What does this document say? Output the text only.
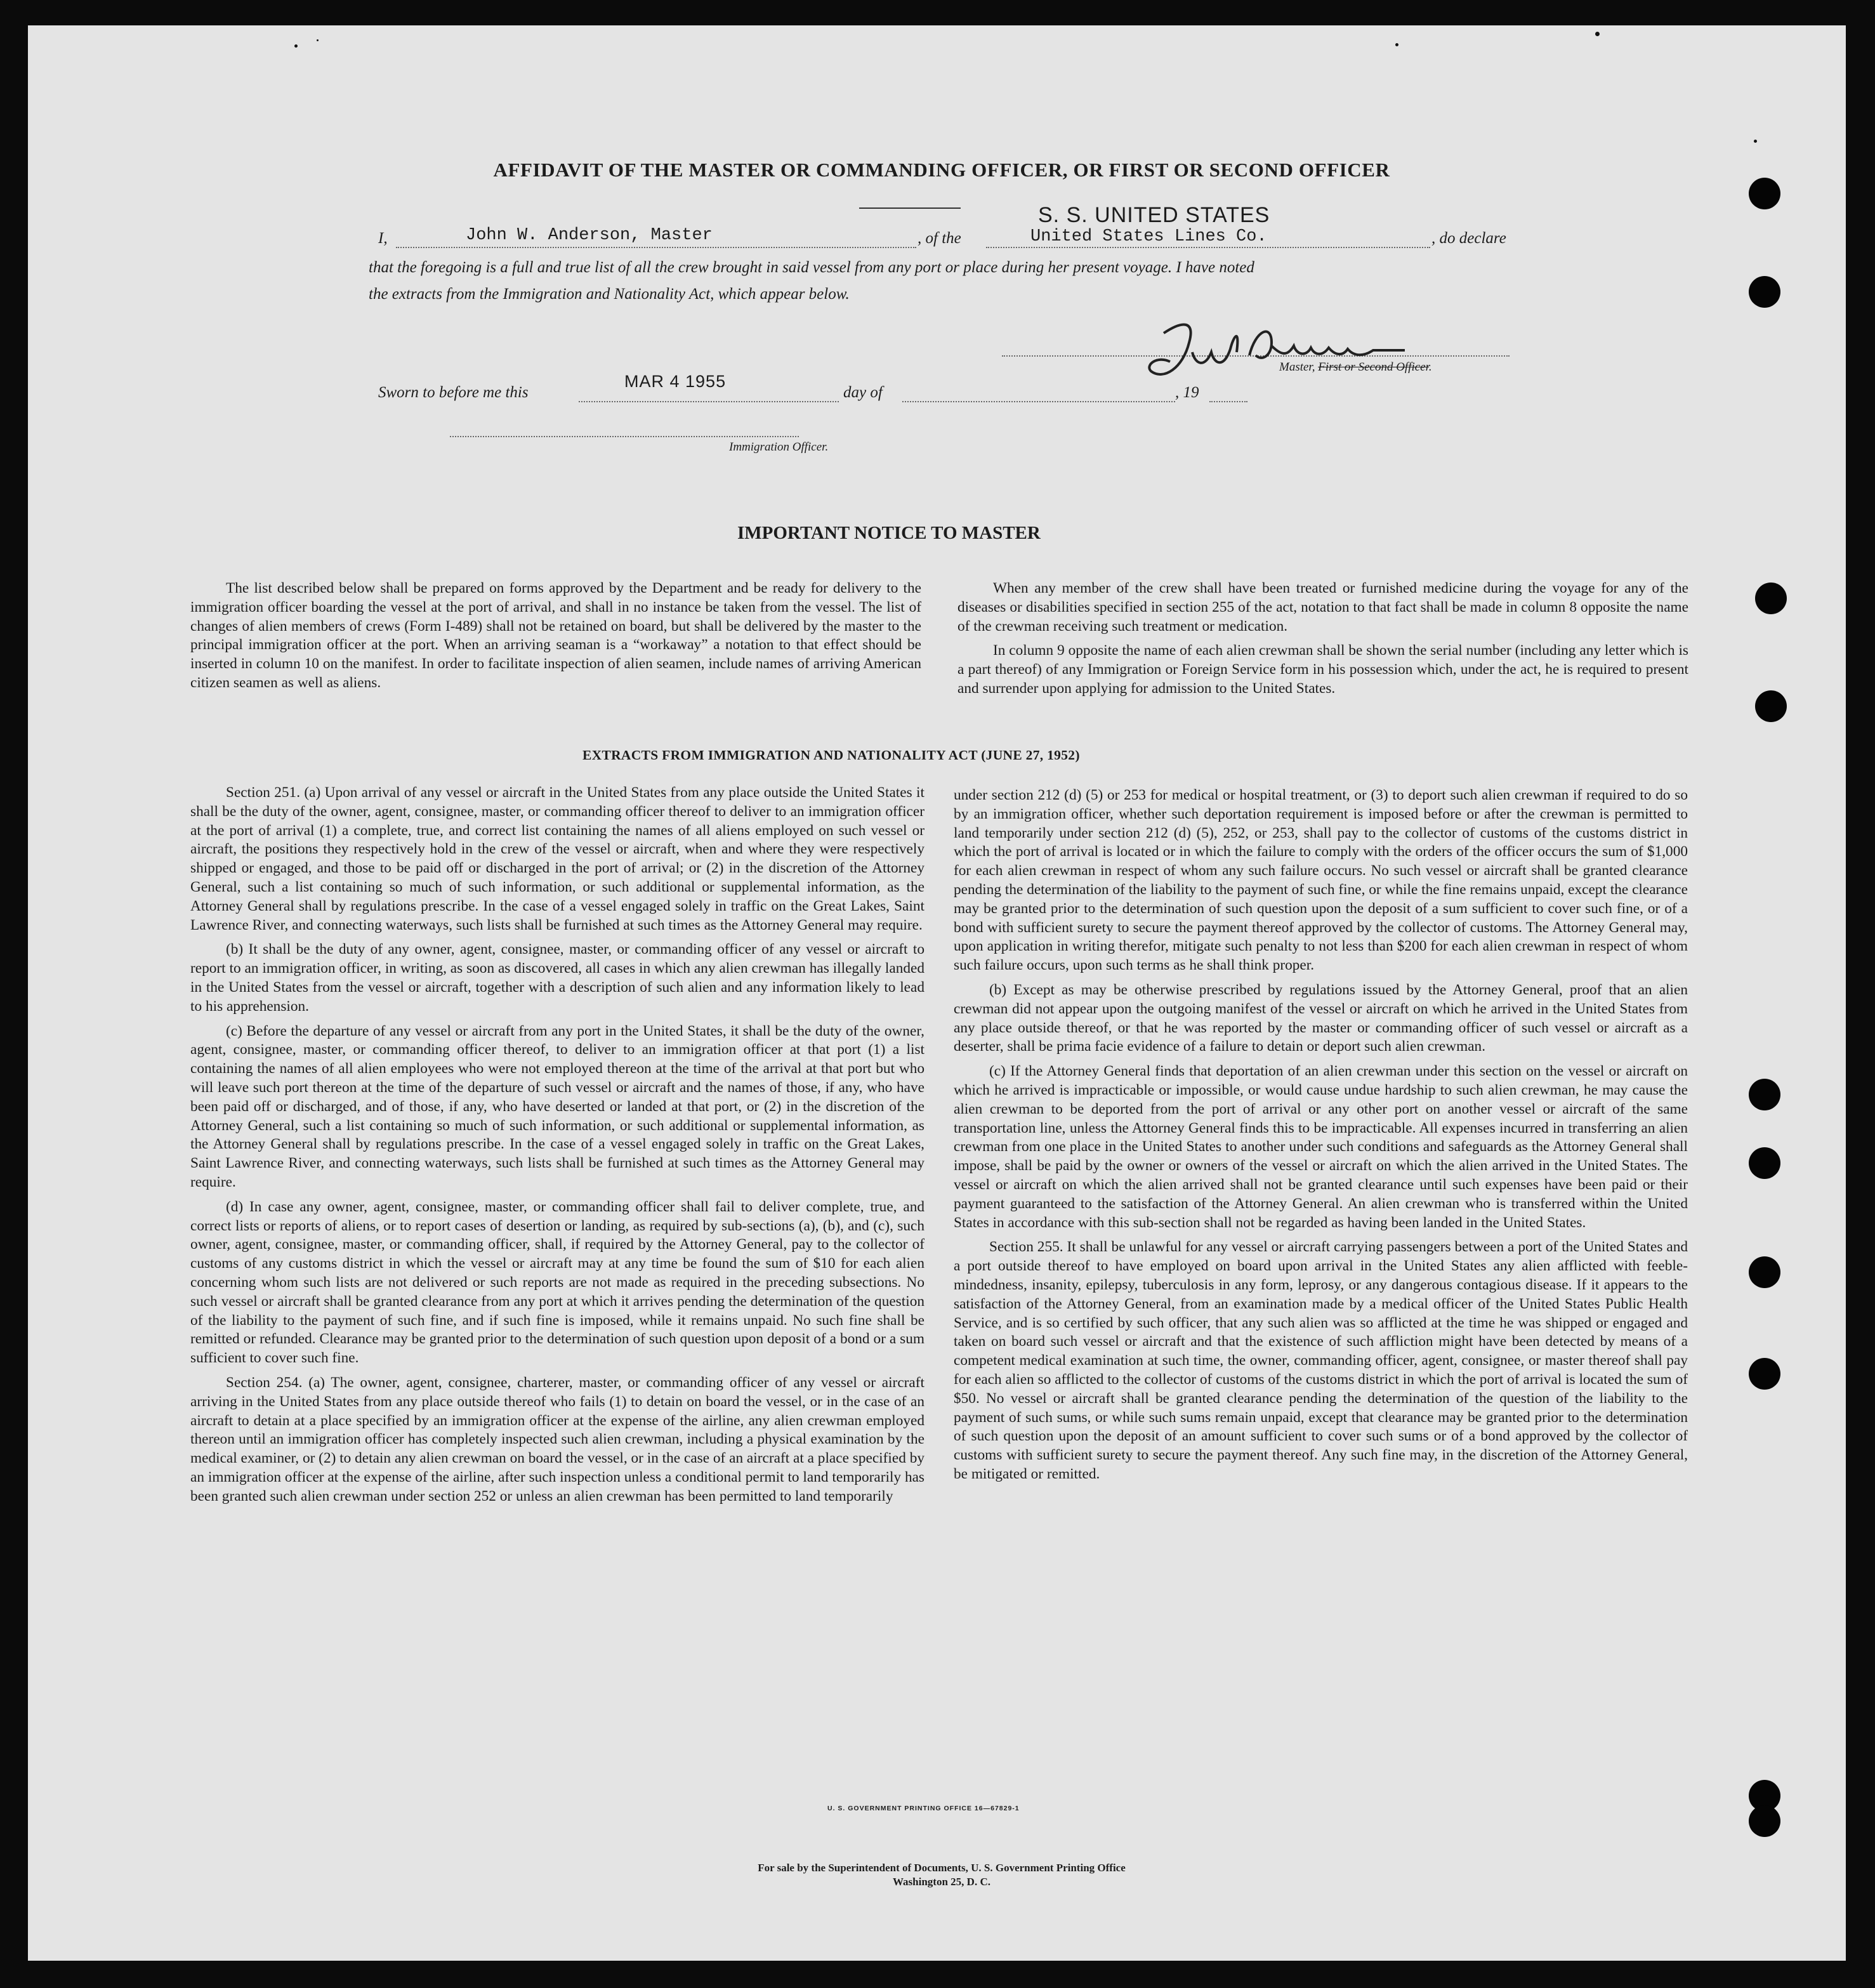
AFFIDAVIT OF THE MASTER OR COMMANDING OFFICER, OR FIRST OR SECOND OFFICER
I,	John W. Anderson, Master	, of the
S. S. UNITED STATES
United States Lines Co.	, do declare
that the foregoing is a full and true list of all the crew brought in said vessel from any port or place during her present voyage. I have noted
the extracts from the Immigration and Nationality Act, which appear below.
Master, First or Second Officer.
Sworn to before me this
MAR 4 1955
day of	, 19
Immigration Officer.
IMPORTANT NOTICE TO MASTER

The list described below shall be prepared on forms approved by the Department and be ready for delivery to the immigration officer boarding the vessel at the port of arrival, and shall in no instance be taken from the vessel. The list of changes of alien members of crews (Form I-489) shall not be retained on board, but shall be delivered by the master to the principal immigration officer at the port. When an arriving seaman is a “workaway” a notation to that effect should be inserted in column 10 on the manifest. In order to facilitate inspection of alien seamen, include names of arriving American citizen seamen as well as aliens.

When any member of the crew shall have been treated or furnished medicine during the voyage for any of the diseases or disabilities specified in section 255 of the act, notation to that fact shall be made in column 8 opposite the name of the crewman receiving such treatment or medication.

In column 9 opposite the name of each alien crewman shall be shown the serial number (including any letter which is a part thereof) of any Immigration or Foreign Service form in his possession which, under the act, he is required to present and surrender upon applying for admission to the United States.

EXTRACTS FROM IMMIGRATION AND NATIONALITY ACT (JUNE 27, 1952)

Section 251. (a) Upon arrival of any vessel or aircraft in the United States from any place outside the United States it shall be the duty of the owner, agent, consignee, master, or commanding officer thereof to deliver to an immigration officer at the port of arrival (1) a complete, true, and correct list containing the names of all aliens employed on such vessel or aircraft, the positions they respectively hold in the crew of the vessel or aircraft, when and where they were respectively shipped or engaged, and those to be paid off or discharged in the port of arrival; or (2) in the discretion of the Attorney General, such a list containing so much of such information, or such additional or supplemental information, as the Attorney General shall by regulations prescribe. In the case of a vessel engaged solely in traffic on the Great Lakes, Saint Lawrence River, and connecting waterways, such lists shall be furnished at such times as the Attorney General may require.

(b) It shall be the duty of any owner, agent, consignee, master, or commanding officer of any vessel or aircraft to report to an immigration officer, in writing, as soon as discovered, all cases in which any alien crewman has illegally landed in the United States from the vessel or aircraft, together with a description of such alien and any information likely to lead to his apprehension.

(c) Before the departure of any vessel or aircraft from any port in the United States, it shall be the duty of the owner, agent, consignee, master, or commanding officer thereof, to deliver to an immigration officer at that port (1) a list containing the names of all alien employees who were not employed thereon at the time of the arrival at that port but who will leave such port thereon at the time of the departure of such vessel or aircraft and the names of those, if any, who have been paid off or discharged, and of those, if any, who have deserted or landed at that port, or (2) in the discretion of the Attorney General, such a list containing so much of such information, or such additional or supplemental information, as the Attorney General shall by regulations prescribe. In the case of a vessel engaged solely in traffic on the Great Lakes, Saint Lawrence River, and connecting waterways, such lists shall be furnished at such times as the Attorney General may require.

(d) In case any owner, agent, consignee, master, or commanding officer shall fail to deliver complete, true, and correct lists or reports of aliens, or to report cases of desertion or landing, as required by sub-sections (a), (b), and (c), such owner, agent, consignee, master, or commanding officer, shall, if required by the Attorney General, pay to the collector of customs of any customs district in which the vessel or aircraft may at any time be found the sum of $10 for each alien concerning whom such lists are not delivered or such reports are not made as required in the preceding subsections. No such vessel or aircraft shall be granted clearance from any port at which it arrives pending the determination of the question of the liability to the payment of such fine, and if such fine is imposed, while it remains unpaid. No such fine shall be remitted or refunded. Clearance may be granted prior to the determination of such question upon deposit of a bond or a sum sufficient to cover such fine.

Section 254. (a) The owner, agent, consignee, charterer, master, or commanding officer of any vessel or aircraft arriving in the United States from any place outside thereof who fails (1) to detain on board the vessel, or in the case of an aircraft to detain at a place specified by an immigration officer at the expense of the airline, any alien crewman employed thereon until an immigration officer has completely inspected such alien crewman, including a physical examination by the medical examiner, or (2) to detain any alien crewman on board the vessel, or in the case of an aircraft at a place specified by an immigration officer at the expense of the airline, after such inspection unless a conditional permit to land temporarily has been granted such alien crewman under section 252 or unless an alien crewman has been permitted to land temporarily

under section 212 (d) (5) or 253 for medical or hospital treatment, or (3) to deport such alien crewman if required to do so by an immigration officer, whether such deportation requirement is imposed before or after the crewman is permitted to land temporarily under section 212 (d) (5), 252, or 253, shall pay to the collector of customs of the customs district in which the port of arrival is located or in which the failure to comply with the orders of the officer occurs the sum of $1,000 for each alien crewman in respect of whom any such failure occurs. No such vessel or aircraft shall be granted clearance pending the determination of the liability to the payment of such fine, or while the fine remains unpaid, except the clearance may be granted prior to the determination of such question upon the deposit of a sum sufficient to cover such fine, or of a bond with sufficient surety to secure the payment thereof approved by the collector of customs. The Attorney General may, upon application in writing therefor, mitigate such penalty to not less than $200 for each alien crewman in respect of whom such failure occurs, upon such terms as he shall think proper.

(b) Except as may be otherwise prescribed by regulations issued by the Attorney General, proof that an alien crewman did not appear upon the outgoing manifest of the vessel or aircraft on which he arrived in the United States from any place outside thereof, or that he was reported by the master or commanding officer of such vessel or aircraft as a deserter, shall be prima facie evidence of a failure to detain or deport such alien crewman.

(c) If the Attorney General finds that deportation of an alien crewman under this section on the vessel or aircraft on which he arrived is impracticable or impossible, or would cause undue hardship to such alien crewman, he may cause the alien crewman to be deported from the port of arrival or any other port on another vessel or aircraft of the same transportation line, unless the Attorney General finds this to be impracticable. All expenses incurred in transferring an alien crewman from one place in the United States to another under such conditions and safeguards as the Attorney General shall impose, shall be paid by the owner or owners of the vessel or aircraft on which the alien arrived in the United States. The vessel or aircraft on which the alien arrived shall not be granted clearance until such expenses have been paid or their payment guaranteed to the satisfaction of the Attorney General. An alien crewman who is transferred within the United States in accordance with this sub-section shall not be regarded as having been landed in the United States.

Section 255. It shall be unlawful for any vessel or aircraft carrying passengers between a port of the United States and a port outside thereof to have employed on board upon arrival in the United States any alien afflicted with feeble-mindedness, insanity, epilepsy, tuberculosis in any form, leprosy, or any dangerous contagious disease. If it appears to the satisfaction of the Attorney General, from an examination made by a medical officer of the United States Public Health Service, and is so certified by such officer, that any such alien was so afflicted at the time he was shipped or engaged and taken on board such vessel or aircraft and that the existence of such affliction might have been detected by means of a competent medical examination at such time, the owner, commanding officer, agent, consignee, or master thereof shall pay for each alien so afflicted to the collector of customs of the customs district in which the port of arrival is located the sum of $50. No vessel or aircraft shall be granted clearance pending the determination of the question of the liability to the payment of such sums, or while such sums remain unpaid, except that clearance may be granted prior to the determination of such question upon the deposit of an amount sufficient to cover such sums or of a bond approved by the collector of customs with sufficient surety to secure the payment thereof. Any such fine may, in the discretion of the Attorney General, be mitigated or remitted.

U. S. GOVERNMENT PRINTING OFFICE 16—67829-1
For sale by the Superintendent of Documents, U. S. Government Printing Office
Washington 25, D. C.
